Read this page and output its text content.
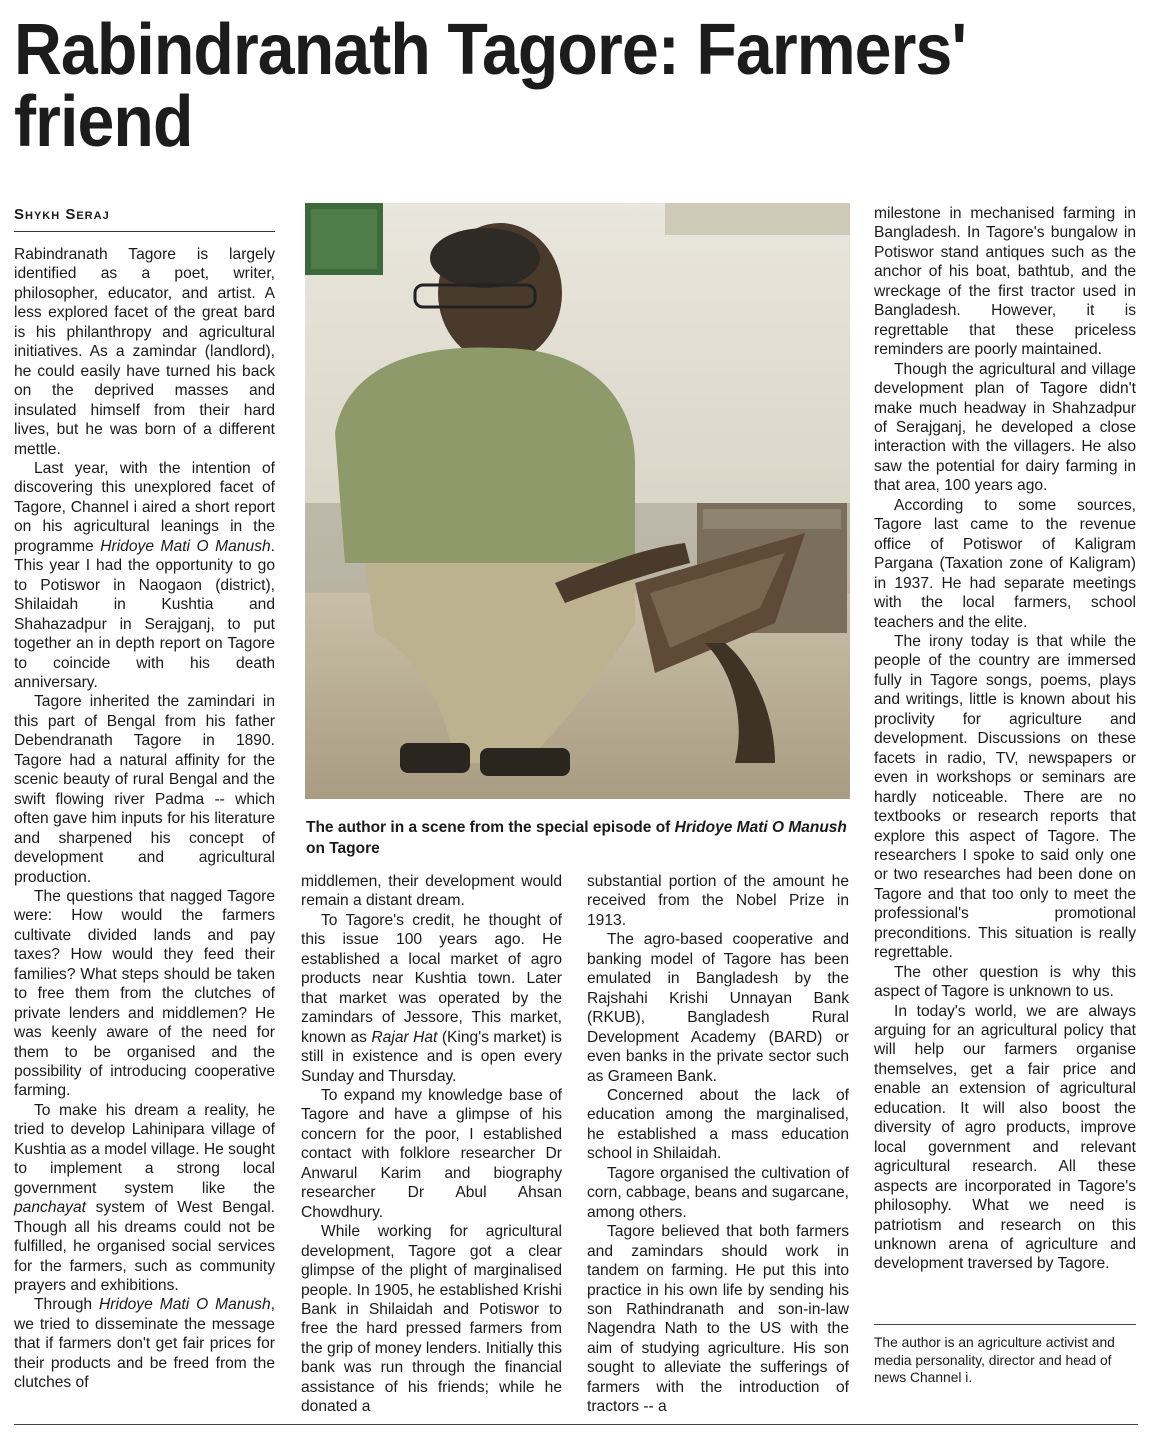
Rabindranath Tagore: Farmers' friend
Shykh Seraj

Rabindranath Tagore is largely identified as a poet, writer, philosopher, educator, and artist. A less explored facet of the great bard is his philanthropy and agricultural initiatives. As a zamindar (landlord), he could easily have turned his back on the deprived masses and insulated himself from their hard lives, but he was born of a different mettle.

Last year, with the intention of discovering this unexplored facet of Tagore, Channel i aired a short report on his agricultural leanings in the programme Hridoye Mati O Manush. This year I had the opportunity to go to Potiswor in Naogaon (district), Shilaidah in Kushtia and Shahazadpur in Serajganj, to put together an in depth report on Tagore to coincide with his death anniversary.

Tagore inherited the zamindari in this part of Bengal from his father Debendranath Tagore in 1890. Tagore had a natural affinity for the scenic beauty of rural Bengal and the swift flowing river Padma -- which often gave him inputs for his literature and sharpened his concept of development and agricultural production.

The questions that nagged Tagore were: How would the farmers cultivate divided lands and pay taxes? How would they feed their families? What steps should be taken to free them from the clutches of private lenders and middlemen? He was keenly aware of the need for them to be organised and the possibility of introducing cooperative farming.

To make his dream a reality, he tried to develop Lahinipara village of Kushtia as a model village. He sought to implement a strong local government system like the panchayat system of West Bengal. Though all his dreams could not be fulfilled, he organised social services for the farmers, such as community prayers and exhibitions.

Through Hridoye Mati O Manush, we tried to disseminate the message that if farmers don't get fair prices for their products and be freed from the clutches of

The author in a scene from the special episode of Hridoye Mati O Manush on Tagore

middlemen, their development would remain a distant dream.

To Tagore's credit, he thought of this issue 100 years ago. He established a local market of agro products near Kushtia town. Later that market was operated by the zamindars of Jessore, This market, known as Rajar Hat (King's market) is still in existence and is open every Sunday and Thursday.

To expand my knowledge base of Tagore and have a glimpse of his concern for the poor, I established contact with folklore researcher Dr Anwarul Karim and biography researcher Dr Abul Ahsan Chowdhury.

While working for agricultural development, Tagore got a clear glimpse of the plight of marginalised people. In 1905, he established Krishi Bank in Shilaidah and Potiswor to free the hard pressed farmers from the grip of money lenders. Initially this bank was run through the financial assistance of his friends; while he donated a

substantial portion of the amount he received from the Nobel Prize in 1913.

The agro-based cooperative and banking model of Tagore has been emulated in Bangladesh by the Rajshahi Krishi Unnayan Bank (RKUB), Bangladesh Rural Development Academy (BARD) or even banks in the private sector such as Grameen Bank.

Concerned about the lack of education among the marginalised, he established a mass education school in Shilaidah.

Tagore organised the cultivation of corn, cabbage, beans and sugarcane, among others.

Tagore believed that both farmers and zamindars should work in tandem on farming. He put this into practice in his own life by sending his son Rathindranath and son-in-law Nagendra Nath to the US with the aim of studying agriculture. His son sought to alleviate the sufferings of farmers with the introduction of tractors -- a

milestone in mechanised farming in Bangladesh. In Tagore's bungalow in Potiswor stand antiques such as the anchor of his boat, bathtub, and the wreckage of the first tractor used in Bangladesh. However, it is regrettable that these priceless reminders are poorly maintained.

Though the agricultural and village development plan of Tagore didn't make much headway in Shahzadpur of Serajganj, he developed a close interaction with the villagers. He also saw the potential for dairy farming in that area, 100 years ago.

According to some sources, Tagore last came to the revenue office of Potiswor of Kaligram Pargana (Taxation zone of Kaligram) in 1937. He had separate meetings with the local farmers, school teachers and the elite.

The irony today is that while the people of the country are immersed fully in Tagore songs, poems, plays and writings, little is known about his proclivity for agriculture and development. Discussions on these facets in radio, TV, newspapers or even in workshops or seminars are hardly noticeable. There are no textbooks or research reports that explore this aspect of Tagore. The researchers I spoke to said only one or two researches had been done on Tagore and that too only to meet the professional's promotional preconditions. This situation is really regrettable.

The other question is why this aspect of Tagore is unknown to us.

In today's world, we are always arguing for an agricultural policy that will help our farmers organise themselves, get a fair price and enable an extension of agricultural education. It will also boost the diversity of agro products, improve local government and relevant agricultural research. All these aspects are incorporated in Tagore's philosophy. What we need is patriotism and research on this unknown arena of agriculture and development traversed by Tagore.

The author is an agriculture activist and media personality, director and head of news Channel i.
